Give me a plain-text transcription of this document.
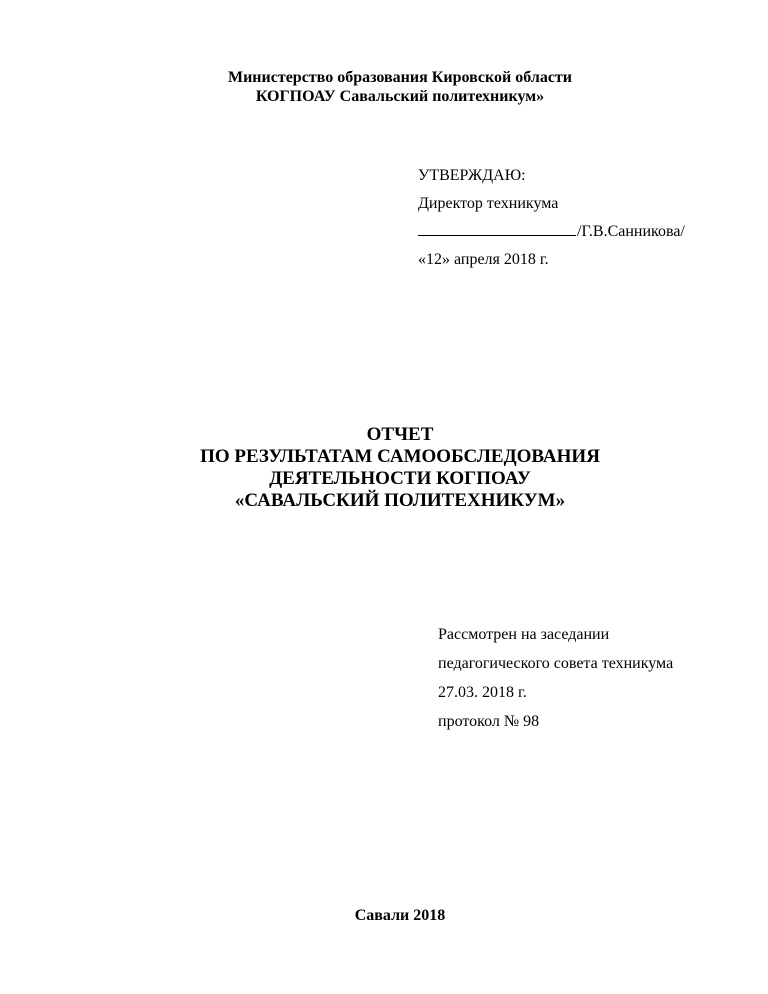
Министерство образования Кировской области
КОГПОАУ Савальский политехникум»
УТВЕРЖДАЮ:
Директор техникума
/Г.В.Санникова/
«12» апреля 2018 г.
ОТЧЕТ
ПО РЕЗУЛЬТАТАМ САМООБСЛЕДОВАНИЯ
ДЕЯТЕЛЬНОСТИ КОГПОАУ
«САВАЛЬСКИЙ ПОЛИТЕХНИКУМ»
Рассмотрен на заседании
педагогического совета техникума
27.03. 2018 г.
протокол № 98
Савали 2018
